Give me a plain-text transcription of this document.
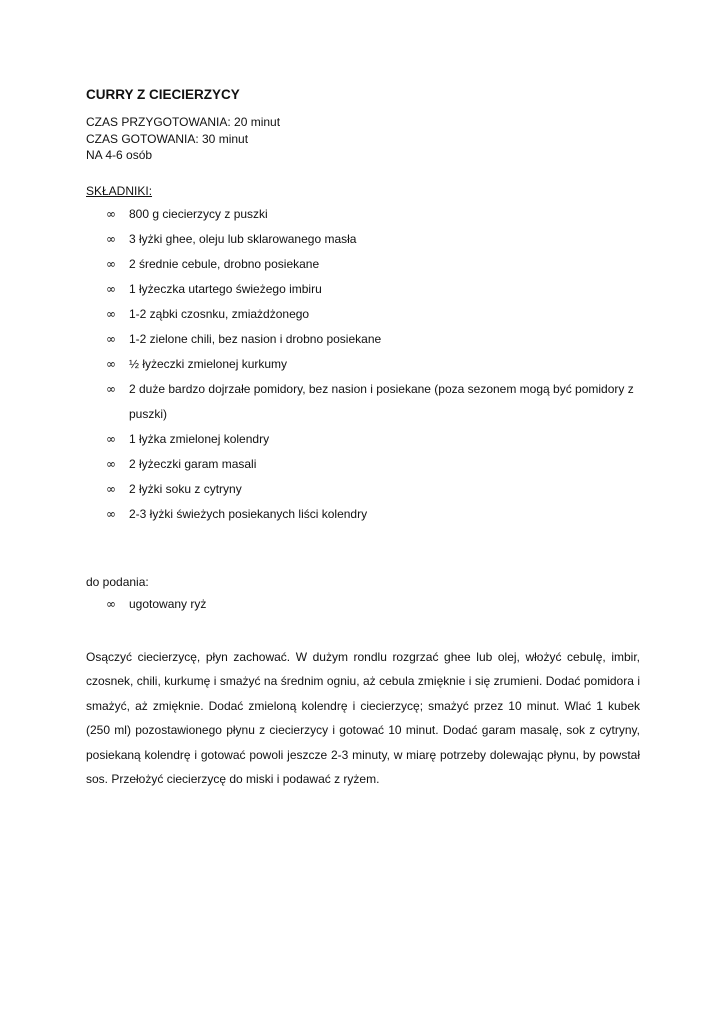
CURRY Z CIECIERZYCY
CZAS PRZYGOTOWANIA: 20 minut
CZAS GOTOWANIA: 30 minut
NA 4-6 osób
SKŁADNIKI:
∞ 800 g ciecierzycy z puszki
∞ 3 łyżki ghee, oleju lub sklarowanego masła
∞ 2 średnie cebule, drobno posiekane
∞ 1 łyżeczka utartego świeżego imbiru
∞ 1-2 ząbki czosnku, zmiażdżonego
∞ 1-2 zielone chili, bez nasion i drobno posiekane
∞ ½ łyżeczki zmielonej kurkumy
∞ 2 duże bardzo dojrzałe pomidory, bez nasion i posiekane (poza sezonem mogą być pomidory z puszki)
∞ 1 łyżka zmielonej kolendry
∞ 2 łyżeczki garam masali
∞ 2 łyżki soku z cytryny
∞ 2-3 łyżki świeżych posiekanych liści kolendry
do podania:
∞ ugotowany ryż
Osączyć ciecierzycę, płyn zachować. W dużym rondlu rozgrzać ghee lub olej, włożyć cebulę, imbir, czosnek, chili, kurkumę i smażyć na średnim ogniu, aż cebula zmięknie i się zrumieni. Dodać pomidora i smażyć, aż zmięknie. Dodać zmieloną kolendrę i ciecierzycę; smażyć przez 10 minut. Wlać 1 kubek (250 ml) pozostawionego płynu z ciecierzycy i gotować 10 minut. Dodać garam masalę, sok z cytryny, posiekaną kolendrę i gotować powoli jeszcze 2-3 minuty, w miarę potrzeby dolewając płynu, by powstał sos. Przełożyć ciecierzycę do miski i podawać z ryżem.
